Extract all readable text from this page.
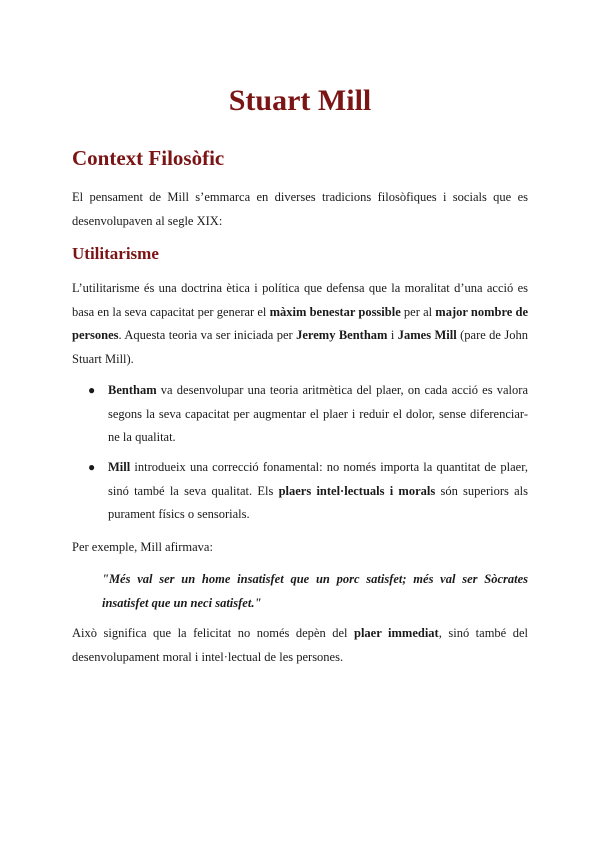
Stuart Mill
Context Filosòfic

El pensament de Mill s’emmarca en diverses tradicions filosòfiques i socials que es desenvolupaven al segle XIX:

Utilitarisme

L’utilitarisme és una doctrina ètica i política que defensa que la moralitat d’una acció es basa en la seva capacitat per generar el màxim benestar possible per al major nombre de persones. Aquesta teoria va ser iniciada per Jeremy Bentham i James Mill (pare de John Stuart Mill).

● Bentham va desenvolupar una teoria aritmètica del plaer, on cada acció es valora segons la seva capacitat per augmentar el plaer i reduir el dolor, sense diferenciar-ne la qualitat.

● Mill introdueix una correcció fonamental: no només importa la quantitat de plaer, sinó també la seva qualitat. Els plaers intel·lectuals i morals són superiors als purament físics o sensorials.

Per exemple, Mill afirmava:

"Més val ser un home insatisfet que un porc satisfet; més val ser Sòcrates insatisfet que un neci satisfet."

Això significa que la felicitat no només depèn del plaer immediat, sinó també del desenvolupament moral i intel·lectual de les persones.
